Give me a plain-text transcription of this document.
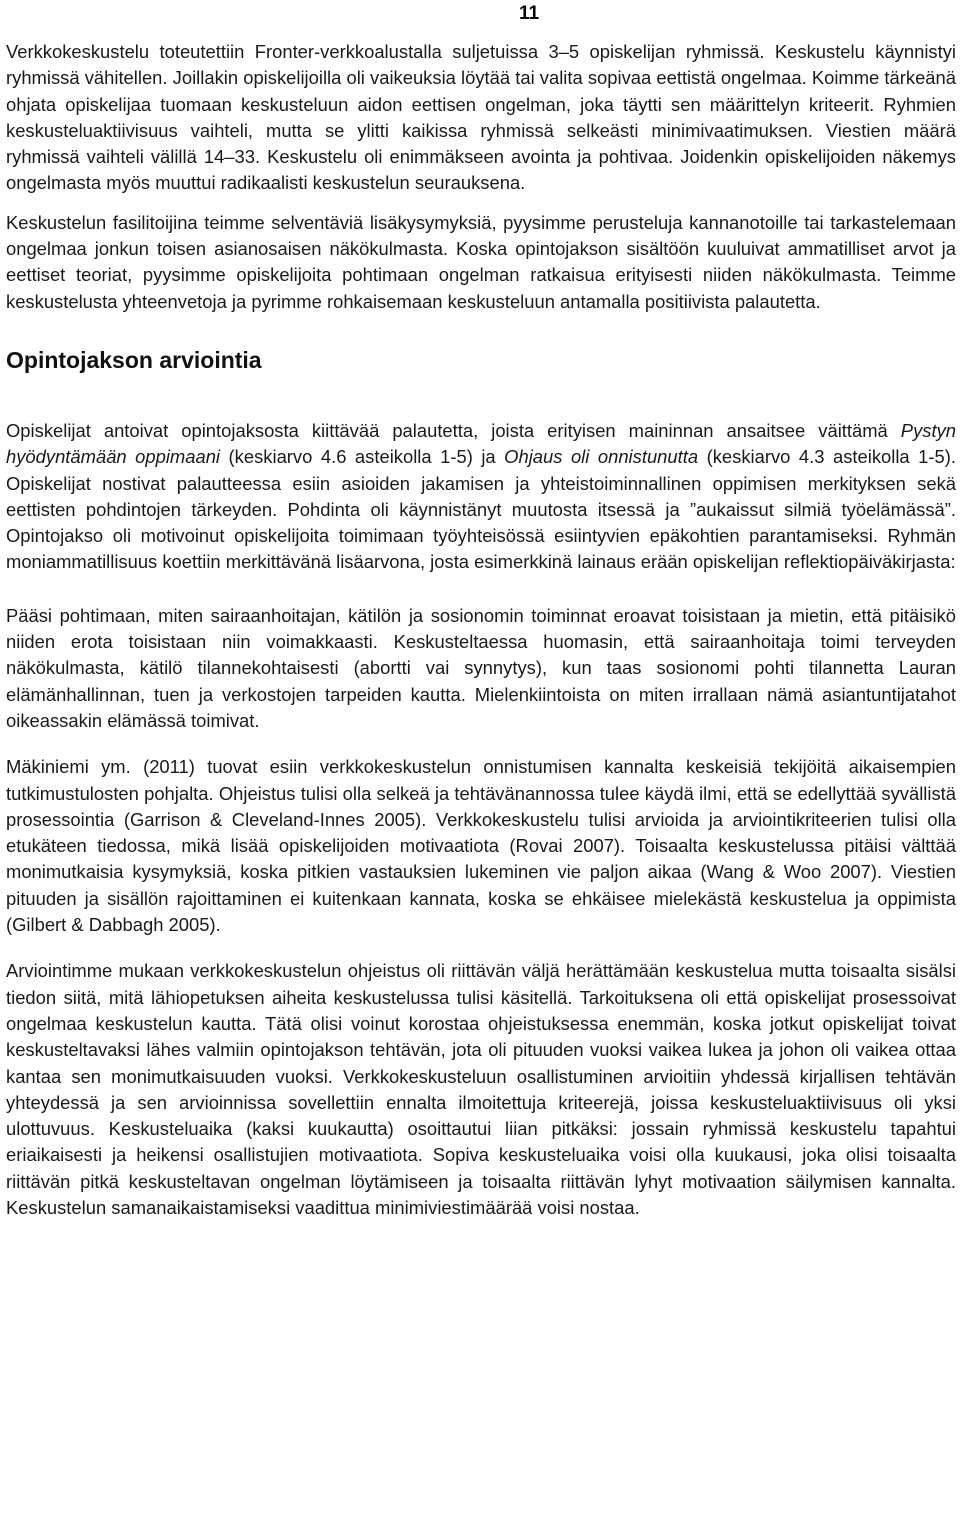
11

Verkkokeskustelu toteutettiin Fronter-verkkoalustalla suljetuissa 3–5 opiskelijan ryhmissä. Keskustelu käynnistyi ryhmissä vähitellen. Joillakin opiskelijoilla oli vaikeuksia löytää tai valita sopivaa eettistä ongelmaa. Koimme tärkeänä ohjata opiskelijaa tuomaan keskusteluun aidon eettisen ongelman, joka täytti sen määrittelyn kriteerit. Ryhmien keskusteluaktiivisuus vaihteli, mutta se ylitti kaikissa ryhmissä selkeästi minimivaatimuksen. Viestien määrä ryhmissä vaihteli välillä 14–33. Keskustelu oli enimmäkseen avointa ja pohtivaa. Joidenkin opiskelijoiden näkemys ongelmasta myös muuttui radikaalisti keskustelun seurauksena.

Keskustelun fasilitoijina teimme selventäviä lisäkysymyksiä, pyysimme perusteluja kannanotoille tai tarkastelemaan ongelmaa jonkun toisen asianosaisen näkökulmasta. Koska opintojakson sisältöön kuuluivat ammatilliset arvot ja eettiset teoriat, pyysimme opiskelijoita pohtimaan ongelman ratkaisua erityisesti niiden näkökulmasta. Teimme keskustelusta yhteenvetoja ja pyrimme rohkaisemaan keskusteluun antamalla positiivista palautetta.

Opintojakson arviointia

Opiskelijat antoivat opintojaksosta kiittävää palautetta, joista erityisen maininnan ansaitsee väittämä Pystyn hyödyntämään oppimaani (keskiarvo 4.6 asteikolla 1-5) ja Ohjaus oli onnistunutta (keskiarvo 4.3 asteikolla 1-5). Opiskelijat nostivat palautteessa esiin asioiden jakamisen ja yhteistoiminnallinen oppimisen merkityksen sekä eettisten pohdintojen tärkeyden. Pohdinta oli käynnistänyt muutosta itsessä ja ”aukaissut silmiä työelämässä”. Opintojakso oli motivoinut opiskelijoita toimimaan työyhteisössä esiintyvien epäkohtien parantamiseksi. Ryhmän moniammatillisuus koettiin merkittävänä lisäarvona, josta esimerkkinä lainaus erään opiskelijan reflektiopäiväkirjasta:

Pääsi pohtimaan, miten sairaanhoitajan, kätilön ja sosionomin toiminnat eroavat toisistaan ja mietin, että pitäisikö niiden erota toisistaan niin voimakkaasti. Keskusteltaessa huomasin, että sairaanhoitaja toimi terveyden näkökulmasta, kätilö tilannekohtaisesti (abortti vai synnytys), kun taas sosionomi pohti tilannetta Lauran elämänhallinnan, tuen ja verkostojen tarpeiden kautta. Mielenkiintoista on miten irrallaan nämä asiantuntijatahot oikeassakin elämässä toimivat.

Mäkiniemi ym. (2011) tuovat esiin verkkokeskustelun onnistumisen kannalta keskeisiä tekijöitä aikaisempien tutkimustulosten pohjalta. Ohjeistus tulisi olla selkeä ja tehtävänannossa tulee käydä ilmi, että se edellyttää syvällistä prosessointia (Garrison & Cleveland-Innes 2005). Verkkokeskustelu tulisi arvioida ja arviointikriteerien tulisi olla etukäteen tiedossa, mikä lisää opiskelijoiden motivaatiota (Rovai 2007). Toisaalta keskustelussa pitäisi välttää monimutkaisia kysymyksiä, koska pitkien vastauksien lukeminen vie paljon aikaa (Wang & Woo 2007). Viestien pituuden ja sisällön rajoittaminen ei kuitenkaan kannata, koska se ehkäisee mielekästä keskustelua ja oppimista (Gilbert & Dabbagh 2005).

Arviointimme mukaan verkkokeskustelun ohjeistus oli riittävän väljä herättämään keskustelua mutta toisaalta sisälsi tiedon siitä, mitä lähiopetuksen aiheita keskustelussa tulisi käsitellä. Tarkoituksena oli että opiskelijat prosessoivat ongelmaa keskustelun kautta. Tätä olisi voinut korostaa ohjeistuksessa enemmän, koska jotkut opiskelijat toivat keskusteltavaksi lähes valmiin opintojakson tehtävän, jota oli pituuden vuoksi vaikea lukea ja johon oli vaikea ottaa kantaa sen monimutkaisuuden vuoksi. Verkkokeskusteluun osallistuminen arvioitiin yhdessä kirjallisen tehtävän yhteydessä ja sen arvioinnissa sovellettiin ennalta ilmoitettuja kriteerejä, joissa keskusteluaktiivisuus oli yksi ulottuvuus. Keskusteluaika (kaksi kuukautta) osoittautui liian pitkäksi: jossain ryhmissä keskustelu tapahtui eriaikaisesti ja heikensi osallistujien motivaatiota. Sopiva keskusteluaika voisi olla kuukausi, joka olisi toisaalta riittävän pitkä keskusteltavan ongelman löytämiseen ja toisaalta riittävän lyhyt motivaation säilymisen kannalta. Keskustelun samanaikaistamiseksi vaadittua minimiviestimäärää voisi nostaa.
